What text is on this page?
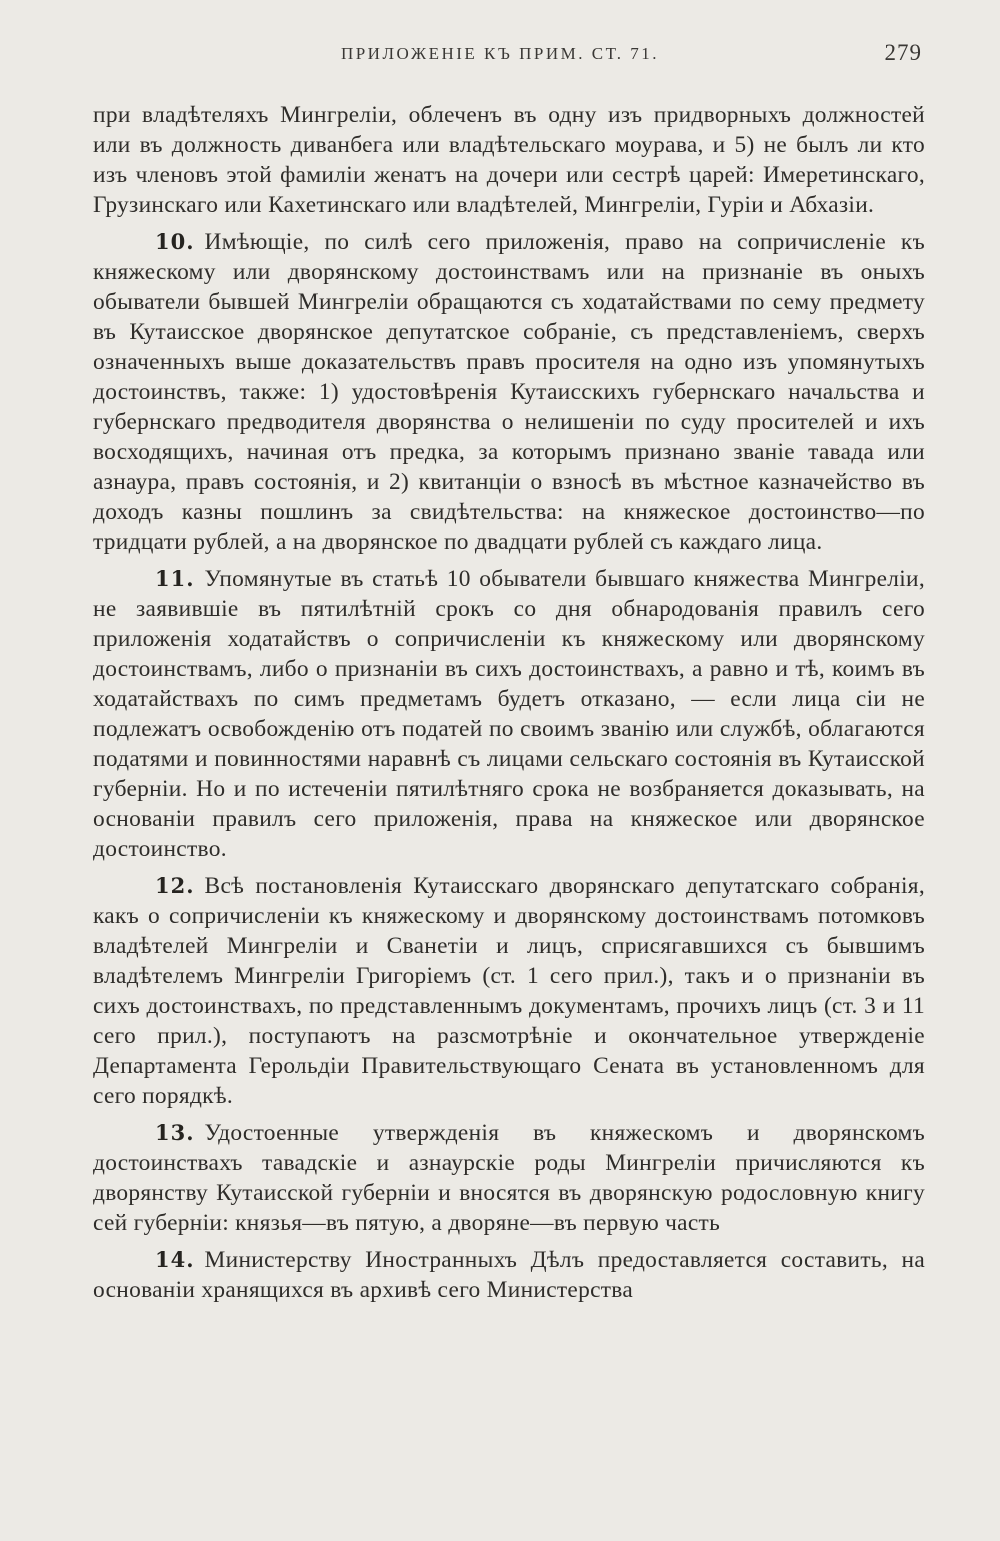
ПРИЛОЖЕНIЕ КЪ ПРИМ. СТ. 71.	279

при владѣтеляхъ Мингреліи, облеченъ въ одну изъ придворныхъ должностей или въ должность диванбега или владѣтельскаго моурава, и 5) не былъ ли кто изъ членовъ этой фамиліи женатъ на дочери или сестрѣ царей: Имеретинскаго, Грузинскаго или Кахетинскаго или владѣтелей, Мингреліи, Гуріи и Абхазіи.

10. Имѣющіе, по силѣ сего приложенія, право на сопричисленіе къ княжескому или дворянскому достоинствамъ или на признаніе въ оныхъ обыватели бывшей Мингреліи обращаются съ ходатайствами по сему предмету въ Кутаисское дворянское депутатское собраніе, съ представленіемъ, сверхъ означенныхъ выше доказательствъ правъ просителя на одно изъ упомянутыхъ достоинствъ, также: 1) удостовѣренія Кутаисскихъ губернскаго начальства и губернскаго предводителя дворянства о нелишеніи по суду просителей и ихъ восходящихъ, начиная отъ предка, за которымъ признано званіе тавада или азнаура, правъ состоянія, и 2) квитанціи о взносѣ въ мѣстное казначейство въ доходъ казны пошлинъ за свидѣтельства: на княжеское достоинство—по тридцати рублей, а на дворянское по двадцати рублей съ каждаго лица.

11. Упомянутые въ статьѣ 10 обыватели бывшаго княжества Мингреліи, не заявившіе въ пятилѣтній срокъ со дня обнародованія правилъ сего приложенія ходатайствъ о сопричисленіи къ княжескому или дворянскому достоинствамъ, либо о признаніи въ сихъ достоинствахъ, а равно и тѣ, коимъ въ ходатайствахъ по симъ предметамъ будетъ отказано, — если лица сіи не подлежатъ освобожденію отъ податей по своимъ званію или службѣ, облагаются податями и повинностями наравнѣ съ лицами сельскаго состоянія въ Кутаисской губерніи. Но и по истеченіи пятилѣтняго срока не возбраняется доказывать, на основаніи правилъ сего приложенія, права на княжеское или дворянское достоинство.

12. Всѣ постановленія Кутаисскаго дворянскаго депутатскаго собранія, какъ о сопричисленіи къ княжескому и дворянскому достоинствамъ потомковъ владѣтелей Мингреліи и Сванетіи и лицъ, сприсягавшихся съ бывшимъ владѣтелемъ Мингреліи Григоріемъ (ст. 1 сего прил.), такъ и о признаніи въ сихъ достоинствахъ, по представленнымъ документамъ, прочихъ лицъ (ст. 3 и 11 сего прил.), поступаютъ на разсмотрѣніе и окончательное утвержденіе Департамента Герольдіи Правительствующаго Сената въ установленномъ для сего порядкѣ.

13. Удостоенные утвержденія въ княжескомъ и дворянскомъ достоинствахъ тавадскіе и азнаурскіе роды Мингреліи причисляются къ дворянству Кутаисской губерніи и вносятся въ дворянскую родословную книгу сей губерніи: князья—въ пятую, а дворяне—въ первую часть

14. Министерству Иностранныхъ Дѣлъ предоставляется составить, на основаніи хранящихся въ архивѣ сего Министерства
